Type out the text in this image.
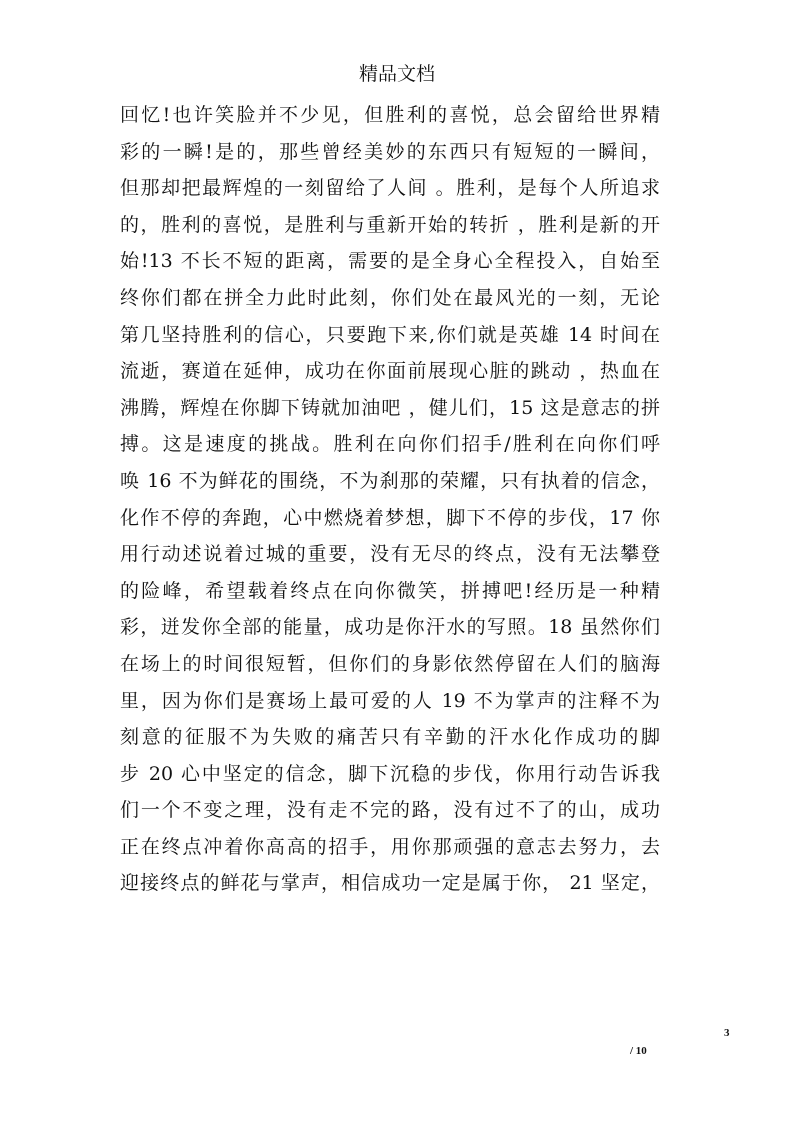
精品文档
回忆!也许笑脸并不少见，但胜利的喜悦，总会留给世界精
彩的一瞬!是的，那些曾经美妙的东西只有短短的一瞬间，
但那却把最辉煌的一刻留给了人间 。胜利，是每个人所追求
的，胜利的喜悦，是胜利与重新开始的转折 ，胜利是新的开
始!13 不长不短的距离，需要的是全身心全程投入，自始至
终你们都在拼全力此时此刻，你们处在最风光的一刻，无论
第几坚持胜利的信心，只要跑下来,你们就是英雄 14 时间在
流逝，赛道在延伸，成功在你面前展现心脏的跳动 ，热血在
沸腾，辉煌在你脚下铸就加油吧 ，健儿们，15 这是意志的拼
搏。这是速度的挑战。胜利在向你们招手/胜利在向你们呼
唤 16 不为鲜花的围绕，不为刹那的荣耀，只有执着的信念，
化作不停的奔跑，心中燃烧着梦想，脚下不停的步伐，17 你
用行动述说着过城的重要，没有无尽的终点，没有无法攀登
的险峰，希望载着终点在向你微笑，拼搏吧!经历是一种精
彩，迸发你全部的能量，成功是你汗水的写照。18 虽然你们
在场上的时间很短暂，但你们的身影依然停留在人们的脑海
里，因为你们是赛场上最可爱的人 19 不为掌声的注释不为
刻意的征服不为失败的痛苦只有辛勤的汗水化作成功的脚
步 20 心中坚定的信念，脚下沉稳的步伐，你用行动告诉我
们一个不变之理，没有走不完的路，没有过不了的山，成功
正在终点冲着你高高的招手，用你那顽强的意志去努力，去
迎接终点的鲜花与掌声，相信成功一定是属于你， 21 坚定，
3
/ 10
